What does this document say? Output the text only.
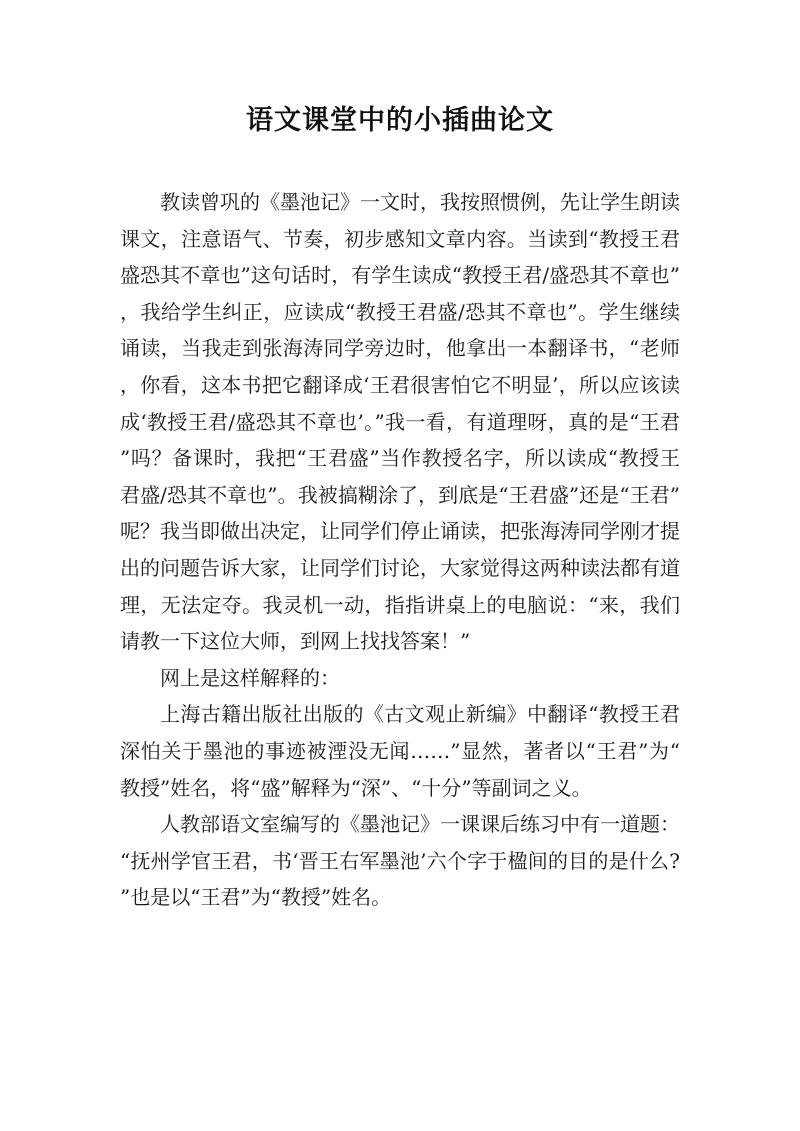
语文课堂中的小插曲论文

教读曾巩的《墨池记》一文时，我按照惯例，先让学生朗读课文，注意语气、节奏，初步感知文章内容。当读到“教授王君盛恐其不章也”这句话时，有学生读成“教授王君/盛恐其不章也”，我给学生纠正，应读成“教授王君盛/恐其不章也”。学生继续诵读，当我走到张海涛同学旁边时，他拿出一本翻译书，“老师，你看，这本书把它翻译成‘王君很害怕它不明显’，所以应该读成‘教授王君/盛恐其不章也’。”我一看，有道理呀，真的是“王君”吗？备课时，我把“王君盛”当作教授名字，所以读成“教授王君盛/恐其不章也”。我被搞糊涂了，到底是“王君盛”还是“王君”呢？我当即做出决定，让同学们停止诵读，把张海涛同学刚才提出的问题告诉大家，让同学们讨论，大家觉得这两种读法都有道理，无法定夺。我灵机一动，指指讲桌上的电脑说：“来，我们请教一下这位大师，到网上找找答案！”

网上是这样解释的：

上海古籍出版社出版的《古文观止新编》中翻译“教授王君深怕关于墨池的事迹被湮没无闻……”显然，著者以“王君”为“教授”姓名，将“盛”解释为“深”、“十分”等副词之义。

人教部语文室编写的《墨池记》一课课后练习中有一道题：“抚州学官王君，书‘晋王右军墨池’六个字于楹间的目的是什么?”也是以“王君”为“教授”姓名。
